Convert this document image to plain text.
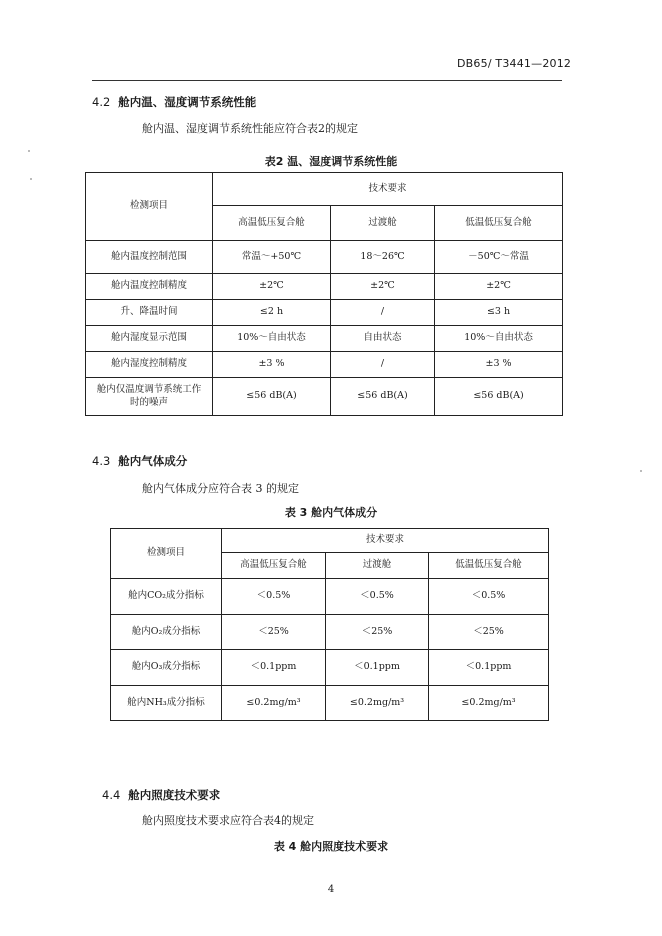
DB65/ T3441—2012
4.2 舱内温、湿度调节系统性能
舱内温、湿度调节系统性能应符合表2的规定
表2 温、湿度调节系统性能
检测项目	技术要求		
	高温低压复合舱	过渡舱	低温低压复合舱
舱内温度控制范围	常温～+50℃	18～26℃	－50℃～常温
舱内温度控制精度	±2℃	±2℃	±2℃
升、降温时间	≤2 h	/	≤3 h
舱内湿度显示范围	10%～自由状态	自由状态	10%～自由状态
舱内湿度控制精度	±3 %	/	±3 %
舱内仅温度调节系统工作时的噪声	≤56 dB(A)	≤56 dB(A)	≤56 dB(A)
4.3 舱内气体成分
舱内气体成分应符合表 3 的规定
表 3 舱内气体成分
检测项目	技术要求		
	高温低压复合舱	过渡舱	低温低压复合舱
舱内CO₂成分指标	＜0.5%	＜0.5%	＜0.5%
舱内O₂成分指标	＜25%	＜25%	＜25%
舱内O₃成分指标	＜0.1ppm	＜0.1ppm	＜0.1ppm
舱内NH₃成分指标	≤0.2mg/m³	≤0.2mg/m³	≤0.2mg/m³
4.4 舱内照度技术要求
舱内照度技术要求应符合表4的规定
表 4 舱内照度技术要求
4
